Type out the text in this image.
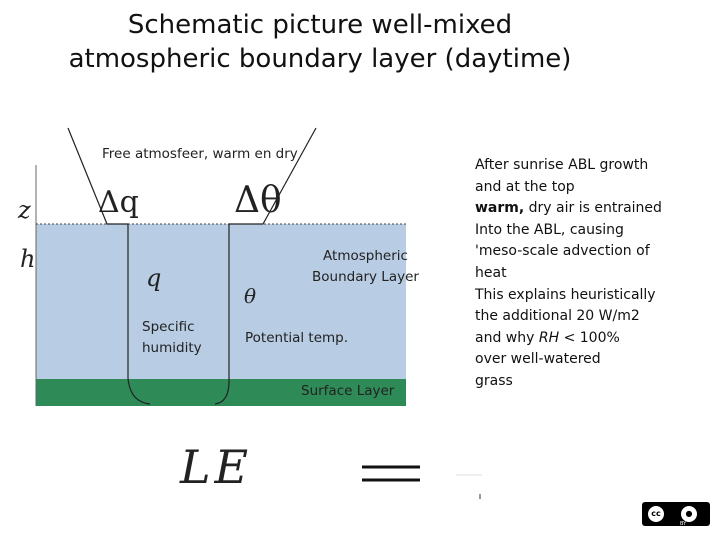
Schematic picture well-mixed
atmospheric boundary layer (daytime)
Free atmosfeer, warm en dry
z
h
Δq	Δθ
q
θ
Specific
humidity
Atmospheric
Boundary Layer
Potential temp.
Surface Layer
LE
After sunrise ABL growth
and at the top
warm, dry air is entrained
Into the ABL, causing
'meso-scale advection of
heat
This explains heuristically
the additional 20 W/m2
and why RH < 100%
over well-watered
grass
cc	●
BY
